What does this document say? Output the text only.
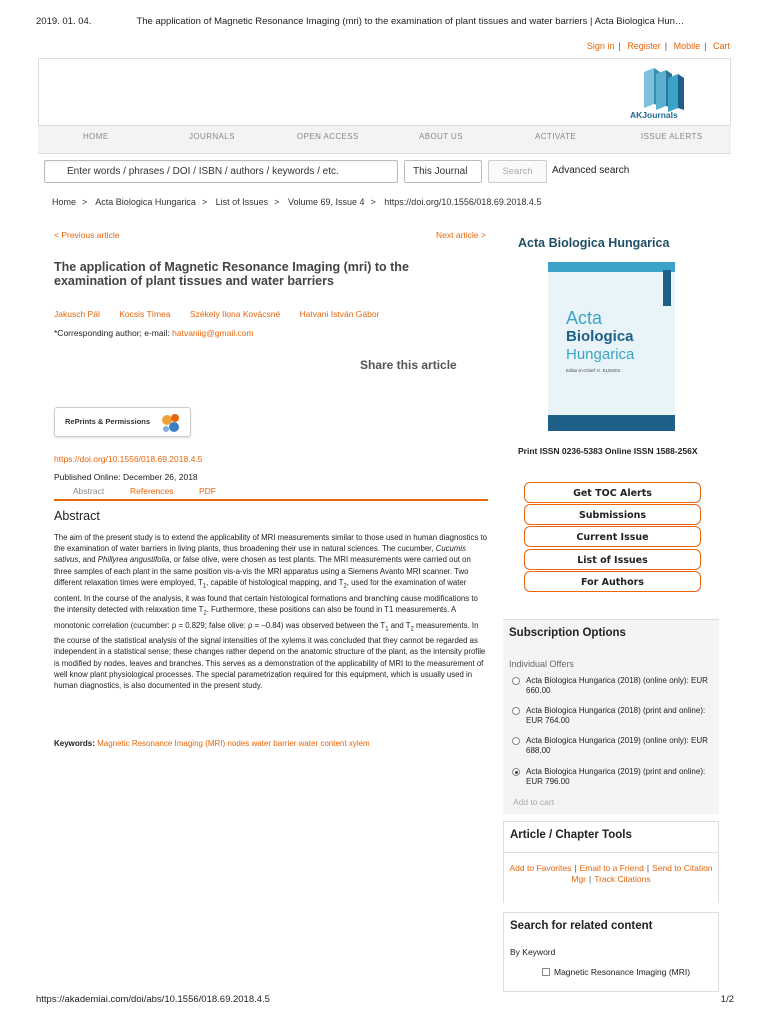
2019. 01. 04.	The application of Magnetic Resonance Imaging (mri) to the examination of plant tissues and water barriers | Acta Biologica Hun…
Sign in | Register | Mobile | Cart
AKJournals
HOME	JOURNALS	OPEN ACCESS	ABOUT US	ACTIVATE	ISSUE ALERTS
Enter words / phrases / DOI / ISBN / authors / keywords / etc.	This Journal	Search	Advanced search
Home > Acta Biologica Hungarica > List of Issues > Volume 69, Issue 4 > https://doi.org/10.1556/018.69.2018.4.5
< Previous article	Next article >
The application of Magnetic Resonance Imaging (mri) to the examination of plant tissues and water barriers
Jakusch Pál Kocsis Tímea Székely Ilona Kovácsné Hatvani István Gábor
*Corresponding author; e-mail: hatvaniig@gmail.com
Share this article
RePrints & Permissions
https://doi.org/10.1556/018.69.2018.4.5
Published Online: December 26, 2018
Abstract	References	PDF
Abstract
The aim of the present study is to extend the applicability of MRI measurements similar to those used in human diagnostics to the examination of water barriers in living plants, thus broadening their use in natural sciences. The cucumber, Cucumis sativus, and Phillyrea angustifolia, or false olive, were chosen as test plants. The MRI measurements were carried out on three samples of each plant in the same position vis-a-vis the MRI apparatus using a Siemens Avanto MRI scanner. Two different relaxation times were employed, $T_1$, capable of histological mapping, and $T_2$, used for the examination of water content. In the course of the analysis, it was found that certain histological formations and branching cause modifications to the intensity detected with relaxation time $T_2$. Furthermore, these positions can also be found in T1 measurements. A monotonic correlation (cucumber: ρ = 0.829; false olive: ρ = –0.84) was observed between the $T_1$ and $T_2$ measurements. In the course of the statistical analysis of the signal intensities of the xylems it was concluded that they cannot be regarded as independent in a statistical sense; these changes rather depend on the anatomic structure of the plant, as the intensity profile is modified by nodes, leaves and branches. This serves as a demonstration of the applicability of MRI to the measurement of well know plant physiological processes. The special parametrization required for this equipment, which is usually used in human diagnostics, is also documented in the present study.
Keywords: Magnetic Resonance Imaging (MRI) nodes water barrier water content xylem
Acta Biologica Hungarica
Acta
Biologica
Hungarica
Editor-in-Chief: K. ELEKES
Print ISSN 0236-5383 Online ISSN 1588-256X
Get TOC Alerts
Submissions
Current Issue
List of Issues
For Authors
Subscription Options
Individual Offers
Acta Biologica Hungarica (2018) (online only): EUR 660.00
Acta Biologica Hungarica (2018) (print and online): EUR 764.00
Acta Biologica Hungarica (2019) (online only): EUR 688.00
Acta Biologica Hungarica (2019) (print and online): EUR 796.00
Add to cart
Article / Chapter Tools
Add to Favorites | Email to a Friend | Send to Citation Mgr | Track Citations
Search for related content
By Keyword
Magnetic Resonance Imaging (MRI)
https://akademiai.com/doi/abs/10.1556/018.69.2018.4.5	1/2
